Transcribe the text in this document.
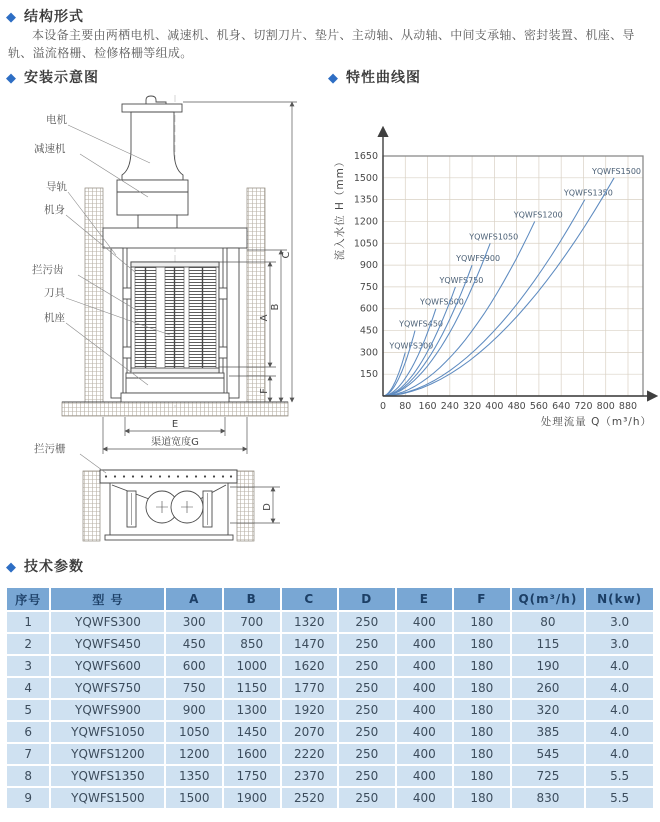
◆ 结构形式

本设备主要由两栖电机、减速机、机身、切割刀片、垫片、主动轴、从动轴、中间支承轴、密封装置、机座、导轨、溢流格栅、检修格栅等组成。

◆ 安装示意图	◆ 特性曲线图
C
B
A
F
E
渠道宽度G
D
电机
减速机
导轨
机身
拦污齿
刀具
机座
拦污栅
YQWFS300
YQWFS450
YQWFS600
YQWFS750
YQWFS900
YQWFS1050
YQWFS1200
YQWFS1350
YQWFS1500
0 80 160 240 320 400 480 560 640 720 800 880
150
300
450
600
750
900
1050
1200
1350
1500
1650
处理流量 Q（m³/h）
流入水位 H（mm）
◆ 技术参数
序号	型 号	A	B	C	D	E	F	Q(m³/h)	N(kw)
1	YQWFS300	300	700	1320	250	400	180	80	3.0
2	YQWFS450	450	850	1470	250	400	180	115	3.0
3	YQWFS600	600	1000	1620	250	400	180	190	4.0
4	YQWFS750	750	1150	1770	250	400	180	260	4.0
5	YQWFS900	900	1300	1920	250	400	180	320	4.0
6	YQWFS1050	1050	1450	2070	250	400	180	385	4.0
7	YQWFS1200	1200	1600	2220	250	400	180	545	4.0
8	YQWFS1350	1350	1750	2370	250	400	180	725	5.5
9	YQWFS1500	1500	1900	2520	250	400	180	830	5.5
